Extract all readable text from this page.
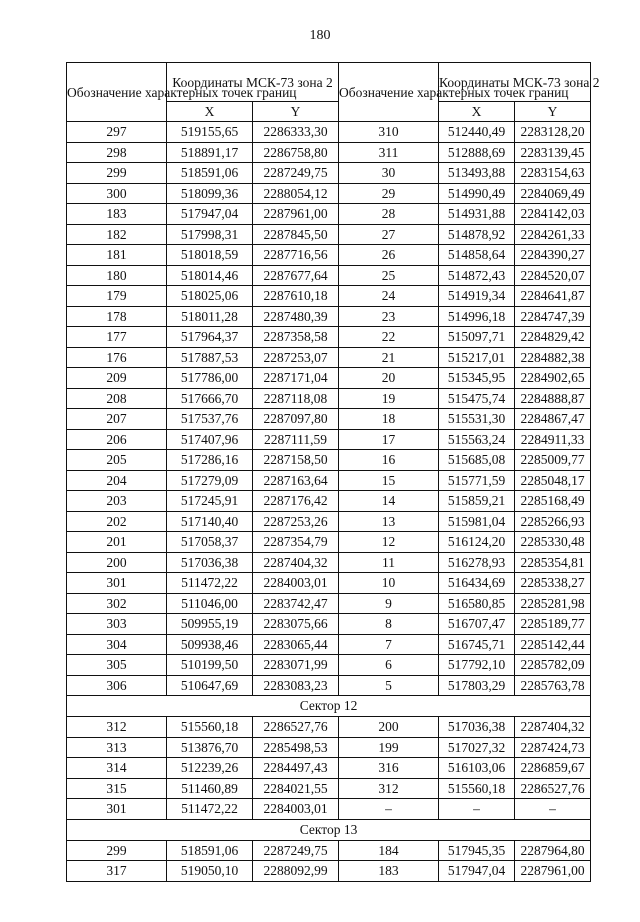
180
Обозначение характерных точек границ	Координаты МСК-73 зона 2		Обозначение характерных точек границ	Координаты МСК-73 зона 2	
	X	Y		X	Y
297	519155,65	2286333,30	310	512440,49	2283128,20
298	518891,17	2286758,80	311	512888,69	2283139,45
299	518591,06	2287249,75	30	513493,88	2283154,63
300	518099,36	2288054,12	29	514990,49	2284069,49
183	517947,04	2287961,00	28	514931,88	2284142,03
182	517998,31	2287845,50	27	514878,92	2284261,33
181	518018,59	2287716,56	26	514858,64	2284390,27
180	518014,46	2287677,64	25	514872,43	2284520,07
179	518025,06	2287610,18	24	514919,34	2284641,87
178	518011,28	2287480,39	23	514996,18	2284747,39
177	517964,37	2287358,58	22	515097,71	2284829,42
176	517887,53	2287253,07	21	515217,01	2284882,38
209	517786,00	2287171,04	20	515345,95	2284902,65
208	517666,70	2287118,08	19	515475,74	2284888,87
207	517537,76	2287097,80	18	515531,30	2284867,47
206	517407,96	2287111,59	17	515563,24	2284911,33
205	517286,16	2287158,50	16	515685,08	2285009,77
204	517279,09	2287163,64	15	515771,59	2285048,17
203	517245,91	2287176,42	14	515859,21	2285168,49
202	517140,40	2287253,26	13	515981,04	2285266,93
201	517058,37	2287354,79	12	516124,20	2285330,48
200	517036,38	2287404,32	11	516278,93	2285354,81
301	511472,22	2284003,01	10	516434,69	2285338,27
302	511046,00	2283742,47	9	516580,85	2285281,98
303	509955,19	2283075,66	8	516707,47	2285189,77
304	509938,46	2283065,44	7	516745,71	2285142,44
305	510199,50	2283071,99	6	517792,10	2285782,09
306	510647,69	2283083,23	5	517803,29	2285763,78
Сектор 12					
312	515560,18	2286527,76	200	517036,38	2287404,32
313	513876,70	2285498,53	199	517027,32	2287424,73
314	512239,26	2284497,43	316	516103,06	2286859,67
315	511460,89	2284021,55	312	515560,18	2286527,76
301	511472,22	2284003,01	–	–	–
Сектор 13					
299	518591,06	2287249,75	184	517945,35	2287964,80
317	519050,10	2288092,99	183	517947,04	2287961,00
